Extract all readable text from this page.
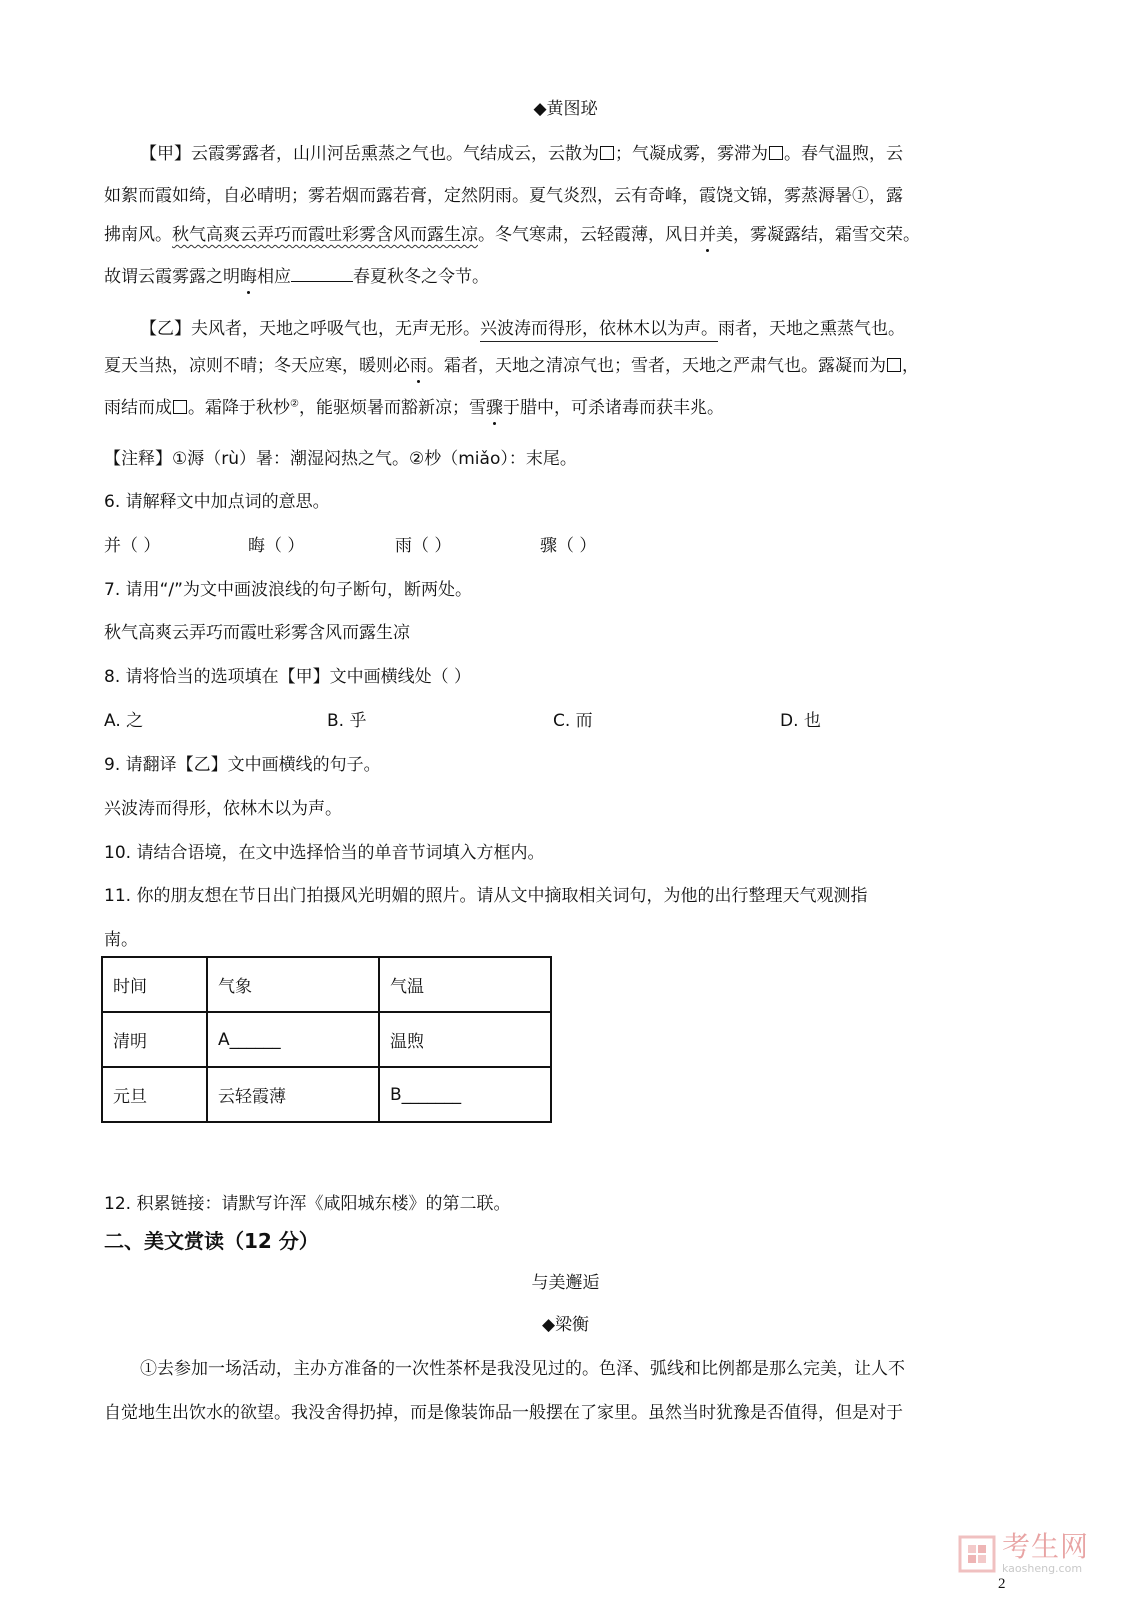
◆黄图珌
【甲】云霞雾露者，山川河岳熏蒸之气也。气结成云，云散为 ；气凝成雾，雾滞为 。春气温煦，云
如絮而霞如绮，自必晴明；雾若烟而露若膏，定然阴雨。夏气炎烈，云有奇峰，霞饶文锦，雾蒸溽暑①，露
拂南风。秋气高爽云弄巧而霞吐彩雾含风而露生凉。冬气寒肃，云轻霞薄，风日并美，雾凝露结，霜雪交荣。
故谓云霞雾露之明晦相应	春夏秋冬之令节。
【乙】夫风者，天地之呼吸气也，无声无形。兴波涛而得形，依林木以为声。雨者，天地之熏蒸气也。
夏天当热，凉则不晴；冬天应寒，暖则必雨。霜者，天地之清凉气也；雪者，天地之严肃气也。露凝而为 ，
雨结而成 。霜降于秋杪②，能驱烦暑而豁新凉；雪骤于腊中，可杀诸毒而获丰兆。
【注释】①溽（rù）暑：潮湿闷热之气。②杪（miǎo）：末尾。
6. 请解释文中加点词的意思。
并（ ）	晦（ ）	雨（ ）	骤（ ）
7. 请用“/”为文中画波浪线的句子断句，断两处。
秋气高爽云弄巧而霞吐彩雾含风而露生凉
8. 请将恰当的选项填在【甲】文中画横线处（ ）
A. 之	B. 乎	C. 而	D. 也
9. 请翻译【乙】文中画横线的句子。
兴波涛而得形，依林木以为声。
10. 请结合语境，在文中选择恰当的单音节词填入方框内。
11. 你的朋友想在节日出门拍摄风光明媚的照片。请从文中摘取相关词句，为他的出行整理天气观测指
南。
时间	气象	气温
清明	A______	温煦
元旦	云轻霞薄	B_______
12. 积累链接：请默写许浑《咸阳城东楼》的第二联。
二、美文赏读（12 分）
与美邂逅
◆梁衡
①去参加一场活动，主办方准备的一次性茶杯是我没见过的。色泽、弧线和比例都是那么完美，让人不
自觉地生出饮水的欲望。我没舍得扔掉，而是像装饰品一般摆在了家里。虽然当时犹豫是否值得，但是对于
考生网
kaosheng.com
2
